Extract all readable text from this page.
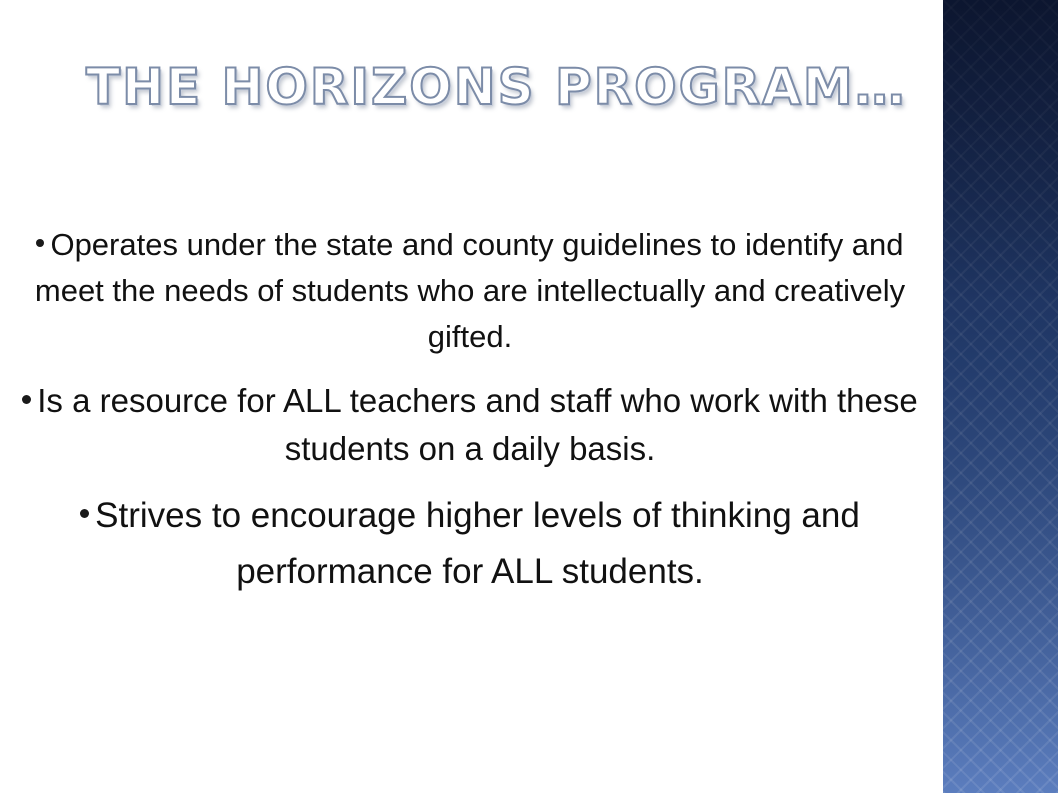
THE HORIZONS PROGRAM…
Operates under the state and county guidelines to identify and meet the needs of students who are intellectually and creatively gifted.
Is a resource for ALL teachers and staff who work with these students on a daily basis.
Strives to encourage higher levels of thinking and performance for ALL students.
